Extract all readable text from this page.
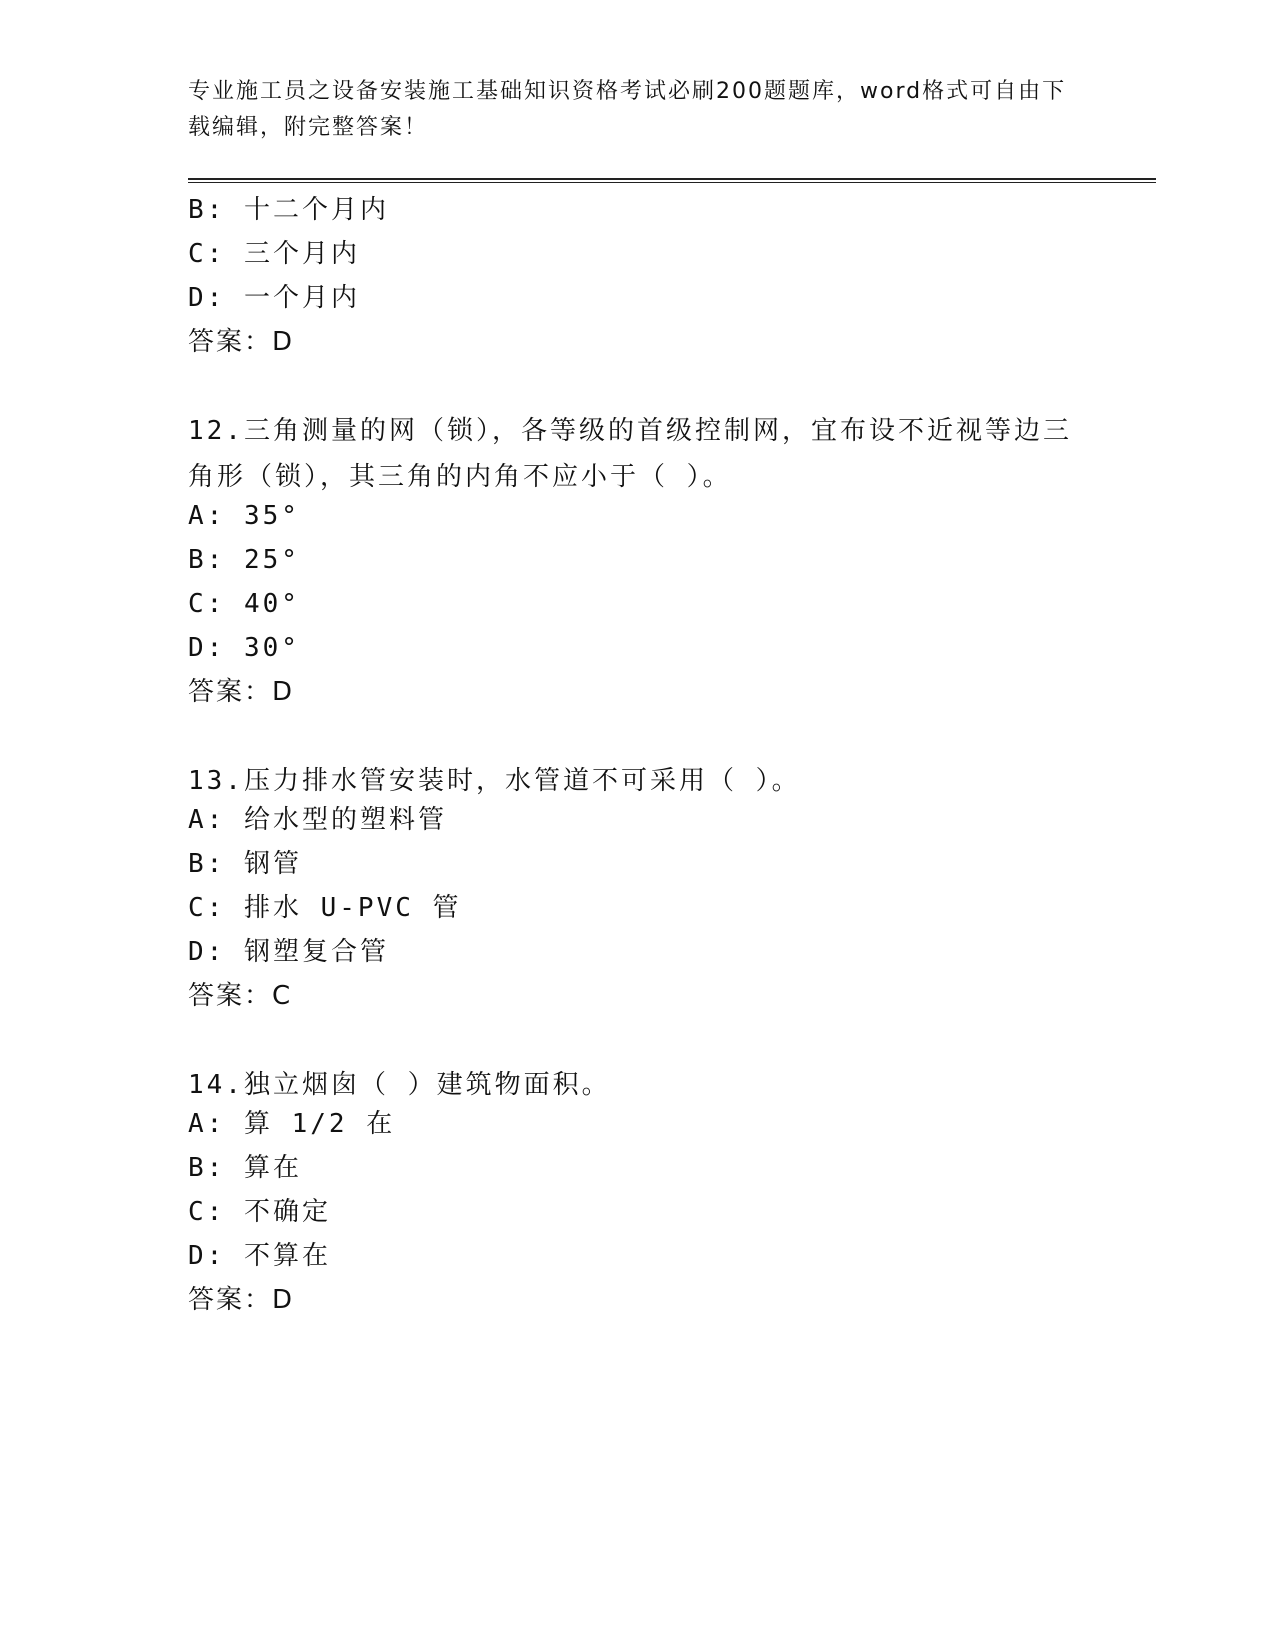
专业施工员之设备安装施工基础知识资格考试必刷200题题库，word格式可自由下载编辑，附完整答案！
B: 十二个月内
C: 三个月内
D: 一个月内
答案：D
12.三角测量的网（锁），各等级的首级控制网，宜布设不近视等边三角形（锁），其三角的内角不应小于（ ）。
A: 35°
B: 25°
C: 40°
D: 30°
答案：D
13.压力排水管安装时，水管道不可采用（ ）。
A: 给水型的塑料管
B: 钢管
C: 排水 U-PVC 管
D: 钢塑复合管
答案：C
14.独立烟囱（ ）建筑物面积。
A: 算 1/2 在
B: 算在
C: 不确定
D: 不算在
答案：D
